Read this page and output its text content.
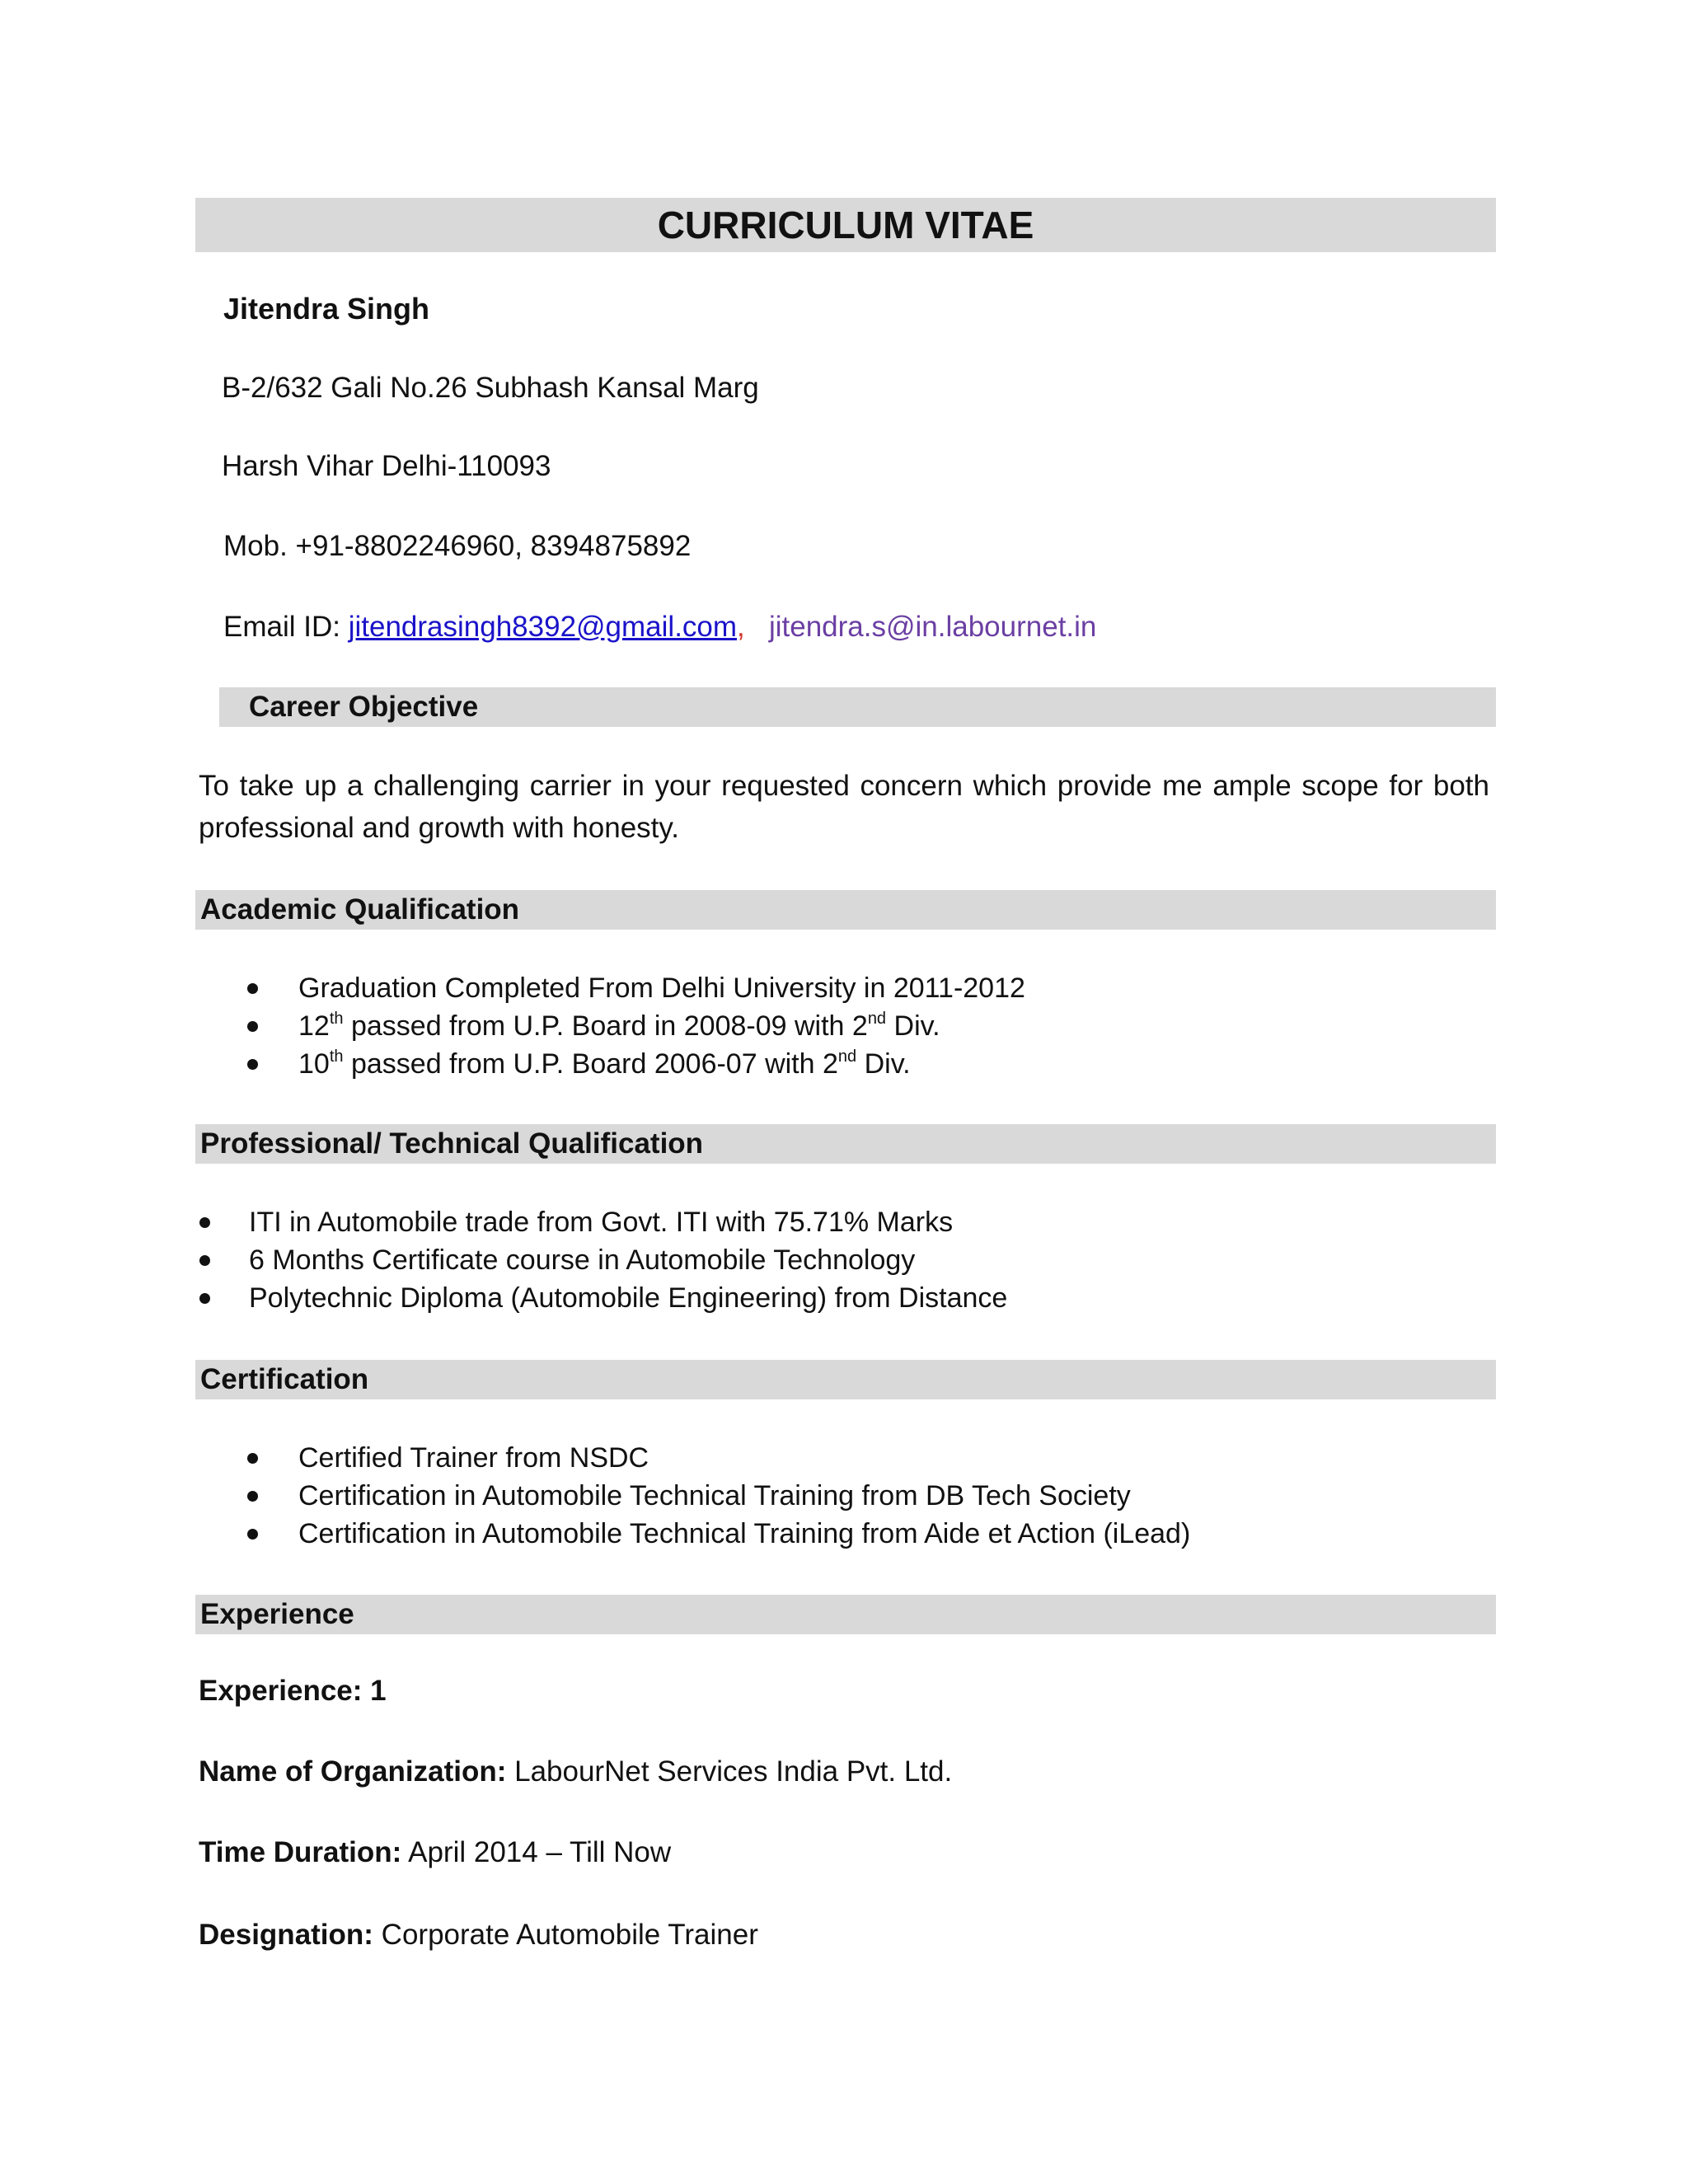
CURRICULUM VITAE
Jitendra Singh
B-2/632 Gali No.26 Subhash Kansal Marg
Harsh Vihar Delhi-110093
Mob. +91-8802246960, 8394875892
Email ID: jitendrasingh8392@gmail.com, jitendra.s@in.labournet.in
Career Objective
To take up a challenging carrier in your requested concern which provide me ample scope for both professional and growth with honesty.
Academic Qualification
Graduation Completed From Delhi University in 2011-2012
12th passed from U.P. Board in 2008-09 with 2nd Div.
10th passed from U.P. Board 2006-07 with 2nd Div.
Professional/ Technical Qualification
ITI in Automobile trade from Govt. ITI with 75.71% Marks
6 Months Certificate course in Automobile Technology
Polytechnic Diploma (Automobile Engineering) from Distance
Certification
Certified Trainer from NSDC
Certification in Automobile Technical Training from DB Tech Society
Certification in Automobile Technical Training from Aide et Action (iLead)
Experience
Experience: 1
Name of Organization: LabourNet Services India Pvt. Ltd.
Time Duration: April 2014 – Till Now
Designation: Corporate Automobile Trainer
